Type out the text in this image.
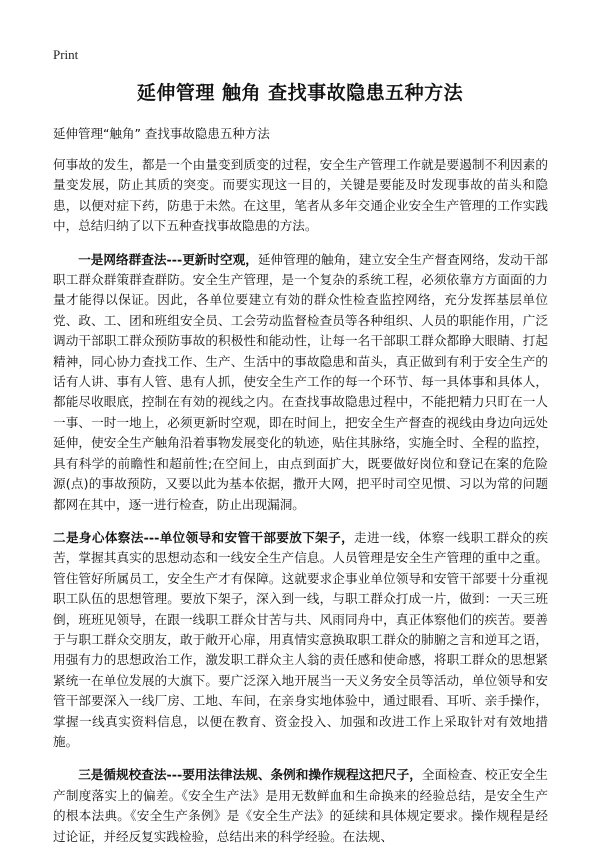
Print
延伸管理 触角 查找事故隐患五种方法
延伸管理“触角” 查找事故隐患五种方法

何事故的发生，都是一个由量变到质变的过程，安全生产管理工作就是要遏制不利因素的量变发展，防止其质的突变。而要实现这一目的，关键是要能及时发现事故的苗头和隐患，以便对症下药，防患于未然。在这里，笔者从多年交通企业安全生产管理的工作实践中，总结归纳了以下五种查找事故隐患的方法。

一是网络群查法---更新时空观，延伸管理的触角，建立安全生产督查网络，发动干部职工群众群策群查群防。安全生产管理，是一个复杂的系统工程，必须依靠方方面面的力量才能得以保证。因此，各单位要建立有効的群众性检查监控网络，充分发挥基层单位党、政、工、团和班组安全员、工会劳动监督检查员等各种组织、人员的职能作用，广泛调动干部职工群众预防事故的积极性和能动性，让每一名干部职工群众都睁大眼睛、打起精神，同心协力查找工作、生产、生活中的事故隐患和苗头，真正做到有利于安全生产的话有人讲、事有人管、患有人抓，使安全生产工作的每一个环节、每一具体事和具体人，都能尽收眼底，控制在有効的视线之内。在查找事故隐患过程中，不能把精力只盯在一人一事、一时一地上，必须更新时空观，即在时间上，把安全生产督查的视线由身边向远处延伸，使安全生产触角沿着事物发展变化的轨迹，贴住其脉络，实施全时、全程的监控，具有科学的前瞻性和超前性;在空间上，由点到面扩大，既要做好岗位和登记在案的危险源(点)的事故预防，又要以此为基本依据，撒开大网，把平时司空见惯、习以为常的问题都网在其中，逐一进行检查，防止出现漏洞。

二是身心体察法---单位领导和安管干部要放下架子，走进一线，体察一线职工群众的疾苦，掌握其真实的思想动态和一线安全生产信息。人员管理是安全生产管理的重中之重。管住管好所属员工，安全生产才有保障。这就要求企事业单位领导和安管干部要十分重视职工队伍的思想管理。要放下架子，深入到一线，与职工群众打成一片，做到：一天三班倒，班班见领导，在跟一线职工群众甘苦与共、风雨同舟中，真正体察他们的疾苦。要善于与职工群众交朋友，敢于敞开心扉，用真情实意换取职工群众的肺腑之言和逆耳之语，用强有力的思想政治工作，激发职工群众主人翁的责任感和使命感，将职工群众的思想紧紧统一在单位发展的大旗下。要广泛深入地开展当一天义务安全员等活动，单位领导和安管干部要深入一线厂房、工地、车间，在亲身实地体验中，通过眼看、耳听、亲手操作，掌握一线真实资料信息，以便在教育、资金投入、加强和改进工作上采取针对有效地措施。

三是循规校查法---要用法律法规、条例和操作规程这把尺子，全面检查、校正安全生产制度落实上的偏差。《安全生产法》是用无数鲜血和生命换来的经验总结，是安全生产的根本法典。《安全生产条例》是《安全生产法》的延续和具体规定要求。操作规程是经过论证，并经反复实践检验，总结出来的科学经验。在法规、
